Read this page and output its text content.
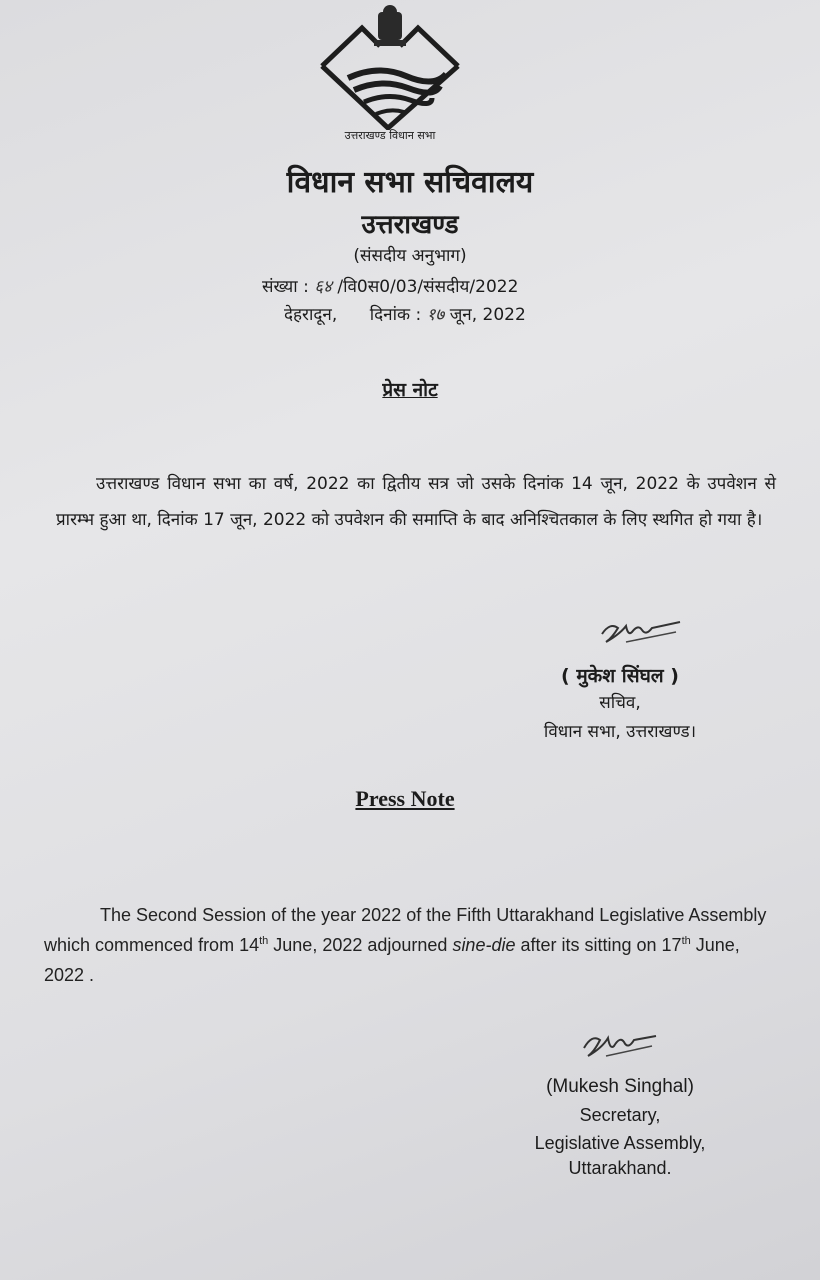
उत्तराखण्ड विधान सभा
विधान सभा सचिवालय
उत्तराखण्ड
(संसदीय अनुभाग)
संख्या : ६४ /वि0स0/03/संसदीय/2022
देहरादून, दिनांक : १७ जून, 2022
प्रेस नोट
उत्तराखण्ड विधान सभा का वर्ष, 2022 का द्वितीय सत्र जो उसके दिनांक 14 जून, 2022 के उपवेशन से प्रारम्भ हुआ था, दिनांक 17 जून, 2022 को उपवेशन की समाप्ति के बाद अनिश्चितकाल के लिए स्थगित हो गया है।
( मुकेश सिंघल )
सचिव,
विधान सभा, उत्तराखण्ड।
Press Note
The Second Session of the year 2022 of the Fifth Uttarakhand Legislative Assembly which commenced from 14th June, 2022 adjourned sine-die after its sitting on 17th June, 2022 .
(Mukesh Singhal)
Secretary,
Legislative Assembly,
Uttarakhand.
